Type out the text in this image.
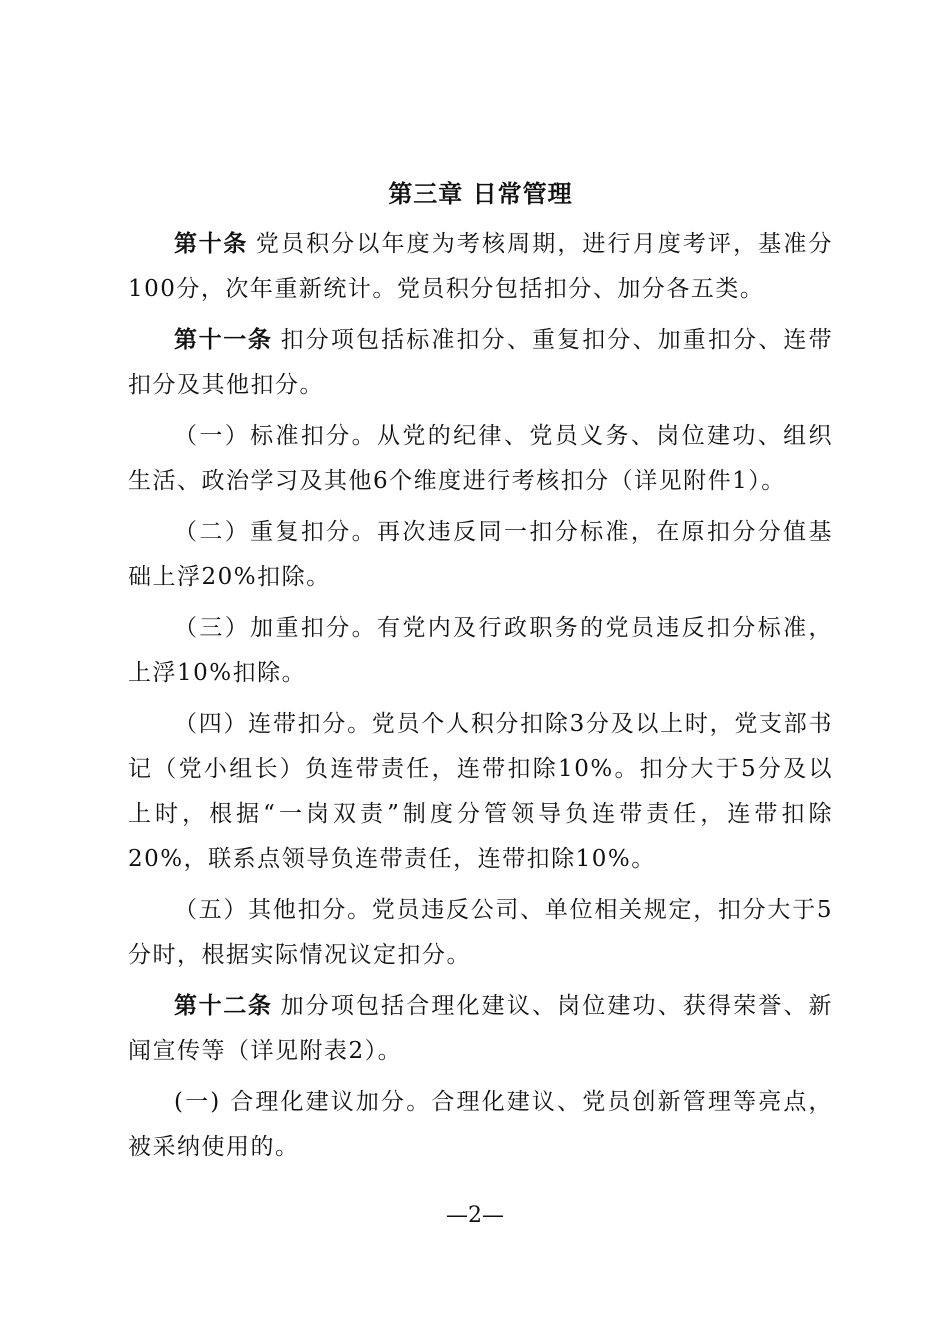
第三章 日常管理

第十条 党员积分以年度为考核周期，进行月度考评，基准分100分，次年重新统计。党员积分包括扣分、加分各五类。

第十一条 扣分项包括标准扣分、重复扣分、加重扣分、连带扣分及其他扣分。

（一）标准扣分。从党的纪律、党员义务、岗位建功、组织生活、政治学习及其他6个维度进行考核扣分（详见附件1）。

（二）重复扣分。再次违反同一扣分标准，在原扣分分值基础上浮20%扣除。

（三）加重扣分。有党内及行政职务的党员违反扣分标准，上浮10%扣除。

（四）连带扣分。党员个人积分扣除3分及以上时，党支部书记（党小组长）负连带责任，连带扣除10%。扣分大于5分及以上时，根据“一岗双责”制度分管领导负连带责任，连带扣除20%，联系点领导负连带责任，连带扣除10%。

（五）其他扣分。党员违反公司、单位相关规定，扣分大于5分时，根据实际情况议定扣分。

第十二条 加分项包括合理化建议、岗位建功、获得荣誉、新闻宣传等（详见附表2）。

(一) 合理化建议加分。合理化建议、党员创新管理等亮点，被采纳使用的。

—2—
